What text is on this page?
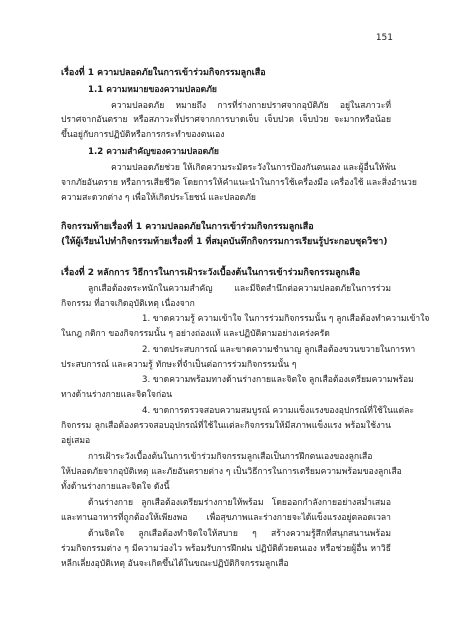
151
เรื่องที่ 1 ความปลอดภัยในการเข้าร่วมกิจกรรมลูกเสือ
1.1 ความหมายของความปลอดภัย
ความปลอดภัย หมายถึง การที่ร่างกายปราศจากอุบัติภัย อยู่ในสภาวะที่
ปราศจากอันตราย หรือสภาวะที่ปราศจากการบาดเจ็บ เจ็บปวด เจ็บป่วย จะมากหรือน้อย
ขึ้นอยู่กับการปฏิบัติหรือการกระทำของตนเอง
1.2 ความสำคัญของความปลอดภัย
ความปลอดภัยช่วย ให้เกิดความระมัดระวังในการป้องกันตนเอง และผู้อื่นให้พ้น
จากภัยอันตราย หรือการเสียชีวิต โดยการให้คำแนะนำในการใช้เครื่องมือ เครื่องใช้ และสิ่งอำนวย
ความสะดวกต่าง ๆ เพื่อให้เกิดประโยชน์ และปลอดภัย
กิจกรรมท้ายเรื่องที่ 1 ความปลอดภัยในการเข้าร่วมกิจกรรมลูกเสือ
(ให้ผู้เรียนไปทำกิจกรรมท้ายเรื่องที่ 1 ที่สมุดบันทึกกิจกรรมการเรียนรู้ประกอบชุดวิชา)
เรื่องที่ 2 หลักการ วิธีการในการเฝ้าระวังเบื้องต้นในการเข้าร่วมกิจกรรมลูกเสือ
ลูกเสือต้องตระหนักในความสำคัญ และมีจิตสำนึกต่อความปลอดภัยในการร่วม
กิจกรรม ที่อาจเกิดอุบัติเหตุ เนื่องจาก
1. ขาดความรู้ ความเข้าใจ ในการร่วมกิจกรรมนั้น ๆ ลูกเสือต้องทำความเข้าใจ
ในกฎ กติกา ของกิจกรรมนั้น ๆ อย่างถ่องแท้ และปฏิบัติตามอย่างเคร่งครัด
2. ขาดประสบการณ์ และขาดความชำนาญ ลูกเสือต้องขวนขวายในการหา
ประสบการณ์ และความรู้ ทักษะที่จำเป็นต่อการร่วมกิจกรรมนั้น ๆ
3. ขาดความพร้อมทางด้านร่างกายและจิตใจ ลูกเสือต้องเตรียมความพร้อม
ทางด้านร่างกายและจิตใจก่อน
4. ขาดการตรวจสอบความสมบูรณ์ ความแข็งแรงของอุปกรณ์ที่ใช้ในแต่ละ
กิจกรรม ลูกเสือต้องตรวจสอบอุปกรณ์ที่ใช้ในแต่ละกิจกรรมให้มีสภาพแข็งแรง พร้อมใช้งาน
อยู่เสมอ
การเฝ้าระวังเบื้องต้นในการเข้าร่วมกิจกรรมลูกเสือเป็นการฝึกตนเองของลูกเสือ
ให้ปลอดภัยจากอุบัติเหตุ และภัยอันตรายต่าง ๆ เป็นวิธีการในการเตรียมความพร้อมของลูกเสือ
ทั้งด้านร่างกายและจิตใจ ดังนี้
ด้านร่างกาย ลูกเสือต้องเตรียมร่างกายให้พร้อม โดยออกกำลังกายอย่างสม่ำเสมอ
และทานอาหารที่ถูกต้องให้เพียงพอ เพื่อสุขภาพและร่างกายจะได้แข็งแรงอยู่ตลอดเวลา
ด้านจิตใจ ลูกเสือต้องทำจิตใจให้สบาย ๆ สร้างความรู้สึกที่สนุกสนานพร้อม
ร่วมกิจกรรมต่าง ๆ มีความว่องไว พร้อมรับการฝึกฝน ปฏิบัติด้วยตนเอง หรือช่วยผู้อื่น หาวิธี
หลีกเลี่ยงอุบัติเหตุ อันจะเกิดขึ้นได้ในขณะปฏิบัติกิจกรรมลูกเสือ
